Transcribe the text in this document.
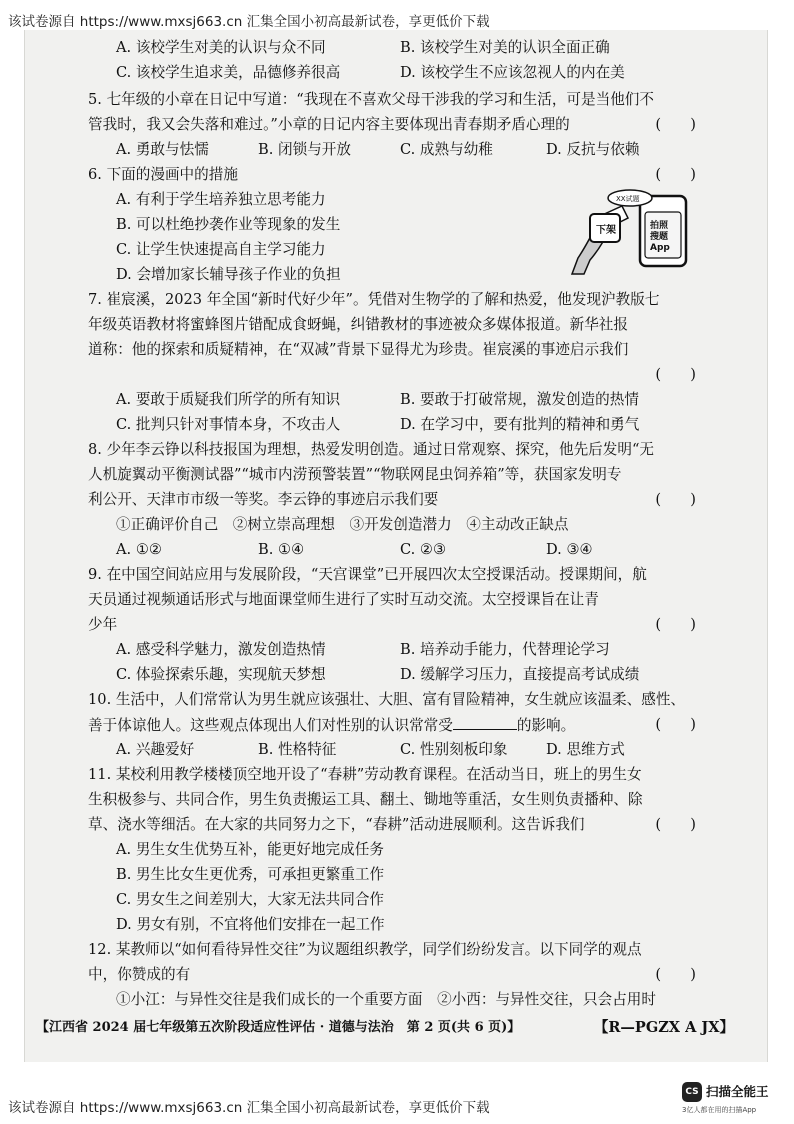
该试卷源自 https://www.mxsj663.cn 汇集全国小初高最新试卷，享更低价下载
A. 该校学生对美的认识与众不同	B. 该校学生对美的认识全面正确
C. 该校学生追求美，品德修养很高	D. 该校学生不应该忽视人的内在美
5. 七年级的小章在日记中写道：“我现在不喜欢父母干涉我的学习和生活，可是当他们不
管我时，我又会失落和难过。”小章的日记内容主要体现出青春期矛盾心理的	(　　)
A. 勇敢与怯懦	B. 闭锁与开放	C. 成熟与幼稚	D. 反抗与依赖
6. 下面的漫画中的措施	(　　)
A. 有利于学生培养独立思考能力
B. 可以杜绝抄袭作业等现象的发生
C. 让学生快速提高自主学习能力
D. 会增加家长辅导孩子作业的负担
7. 崔宸溪，2023 年全国“新时代好少年”。凭借对生物学的了解和热爱，他发现沪教版七
年级英语教材将蜜蜂图片错配成食蚜蝇，纠错教材的事迹被众多媒体报道。新华社报
道称：他的探索和质疑精神，在“双减”背景下显得尤为珍贵。崔宸溪的事迹启示我们
(　　)
A. 要敢于质疑我们所学的所有知识	B. 要敢于打破常规，激发创造的热情
C. 批判只针对事情本身，不攻击人	D. 在学习中，要有批判的精神和勇气
8. 少年李云铮以科技报国为理想，热爱发明创造。通过日常观察、探究，他先后发明“无
人机旋翼动平衡测试器”“城市内涝预警装置”“物联网昆虫饲养箱”等，获国家发明专
利公开、天津市市级一等奖。李云铮的事迹启示我们要	(　　)
①正确评价自己　②树立崇高理想　③开发创造潜力　④主动改正缺点
A. ①②	B. ①④	C. ②③	D. ③④
9. 在中国空间站应用与发展阶段，“天宫课堂”已开展四次太空授课活动。授课期间，航
天员通过视频通话形式与地面课堂师生进行了实时互动交流。太空授课旨在让青
少年	(　　)
A. 感受科学魅力，激发创造热情	B. 培养动手能力，代替理论学习
C. 体验探索乐趣，实现航天梦想	D. 缓解学习压力，直接提高考试成绩
10. 生活中，人们常常认为男生就应该强壮、大胆、富有冒险精神，女生就应该温柔、感性、
善于体谅他人。这些观点体现出人们对性别的认识常常受	的影响。	(　　)
A. 兴趣爱好	B. 性格特征	C. 性别刻板印象	D. 思维方式
11. 某校利用教学楼楼顶空地开设了“春耕”劳动教育课程。在活动当日，班上的男生女
生积极参与、共同合作，男生负责搬运工具、翻土、锄地等重活，女生则负责播种、除
草、浇水等细活。在大家的共同努力之下，“春耕”活动进展顺利。这告诉我们	(　　)
A. 男生女生优势互补，能更好地完成任务
B. 男生比女生更优秀，可承担更繁重工作
C. 男女生之间差别大，大家无法共同合作
D. 男女有别，不宜将他们安排在一起工作
12. 某教师以“如何看待异性交往”为议题组织教学，同学们纷纷发言。以下同学的观点
中，你赞成的有	(　　)
①小江：与异性交往是我们成长的一个重要方面　②小西：与异性交往，只会占用时
下架
XX试题
拍照搜题 App
【江西省 2024 届七年级第五次阶段适应性评估 · 道德与法治　第 2 页(共 6 页)】	【R—PGZX A JX】
该试卷源自 https://www.mxsj663.cn 汇集全国小初高最新试卷，享更低价下载
CS 扫描全能王
3亿人都在用的扫描App
